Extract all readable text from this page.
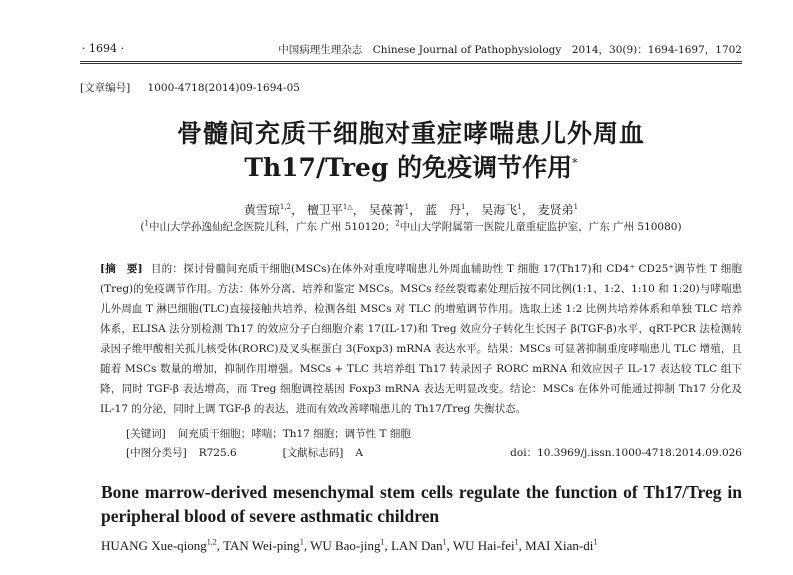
· 1694 ·	中国病理生理杂志　Chinese Journal of Pathophysiology　2014，30(9)：1694-1697，1702
[文章编号] 1000-4718(2014)09-1694-05
骨髓间充质干细胞对重症哮喘患儿外周血
Th17/Treg 的免疫调节作用*
黄雪琼$^{1,2}$， 檀卫平$^{1\triangle}$， 吴葆菁$^1$， 蓝　丹$^1$， 吴海飞$^1$， 麦贤弟$^1$
($^1$中山大学孙逸仙纪念医院儿科，广东 广州 510120；$^2$中山大学附属第一医院儿童重症监护室，广东 广州 510080)
[摘　要] 目的：探讨骨髓间充质干细胞(MSCs)在体外对重度哮喘患儿外周血辅助性 T 细胞 17(Th17)和 CD4⁺ CD25⁺调节性 T 细胞(Treg)的免疫调节作用。方法：体外分离、培养和鉴定 MSCs。MSCs 经丝裂霉素处理后按不同比例(1:1、1:2、1:10 和 1:20)与哮喘患儿外周血 T 淋巴细胞(TLC)直接接触共培养，检测各组 MSCs 对 TLC 的增殖调节作用。选取上述 1:2 比例共培养体系和单独 TLC 培养体系，ELISA 法分别检测 Th17 的效应分子白细胞介素 17(IL-17)和 Treg 效应分子转化生长因子 β(TGF-β)水平，qRT-PCR 法检测转录因子维甲酸相关孤儿核受体(RORC)及叉头框蛋白 3(Foxp3) mRNA 表达水平。结果：MSCs 可显著抑制重度哮喘患儿 TLC 增殖，且随着 MSCs 数量的增加，抑制作用增强。MSCs + TLC 共培养组 Th17 转录因子 RORC mRNA 和效应因子 IL-17 表达较 TLC 组下降，同时 TGF-β 表达增高，而 Treg 细胞调控基因 Foxp3 mRNA 表达无明显改变。结论：MSCs 在体外可能通过抑制 Th17 分化及 IL-17 的分泌，同时上调 TGF-β 的表达，进而有效改善哮喘患儿的 Th17/Treg 失衡状态。
[关键词] 间充质干细胞；哮喘；Th17 细胞；调节性 T 细胞
[中图分类号] R725.6	[文献标志码] A	doi：10.3969/j.issn.1000-4718.2014.09.026
Bone marrow-derived mesenchymal stem cells regulate the function of Th17/Treg in peripheral blood of severe asthmatic children
HUANG Xue-qiong$^{1,2}$, TAN Wei-ping$^1$, WU Bao-jing$^1$, LAN Dan$^1$, WU Hai-fei$^1$, MAI Xian-$di^1$
